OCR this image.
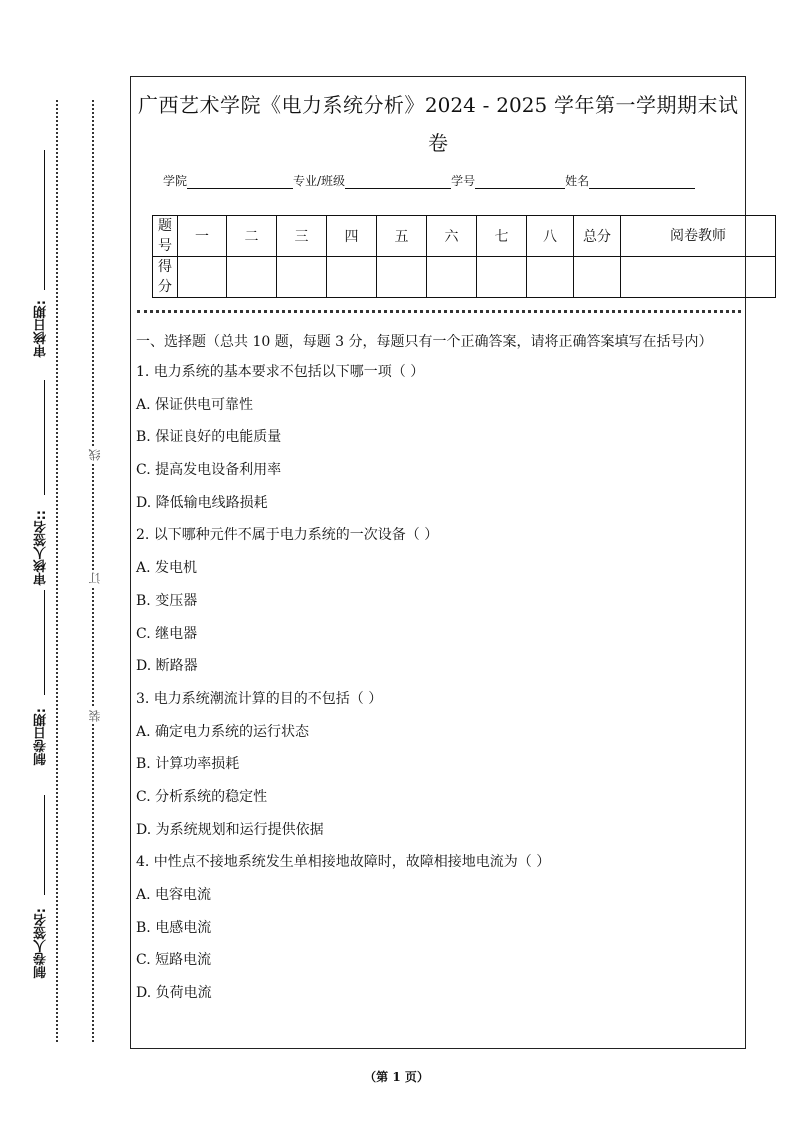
制卷人签名:
制卷日期:
审核人签名::
审核日期:
装
订
线
广西艺术学院《电力系统分析》2024 - 2025 学年第一学期期末试卷
学院	专业/班级	学号	姓名
题号	一	二	三	四	五	六	七	八	总分	阅卷教师
得分										
一、选择题（总共 10 题，每题 3 分，每题只有一个正确答案，请将正确答案填写在括号内）
1. 电力系统的基本要求不包括以下哪一项（ ）
A. 保证供电可靠性
B. 保证良好的电能质量
C. 提高发电设备利用率
D. 降低输电线路损耗
2. 以下哪种元件不属于电力系统的一次设备（ ）
A. 发电机
B. 变压器
C. 继电器
D. 断路器
3. 电力系统潮流计算的目的不包括（ ）
A. 确定电力系统的运行状态
B. 计算功率损耗
C. 分析系统的稳定性
D. 为系统规划和运行提供依据
4. 中性点不接地系统发生单相接地故障时，故障相接地电流为（ ）
A. 电容电流
B. 电感电流
C. 短路电流
D. 负荷电流
（第 1 页）
